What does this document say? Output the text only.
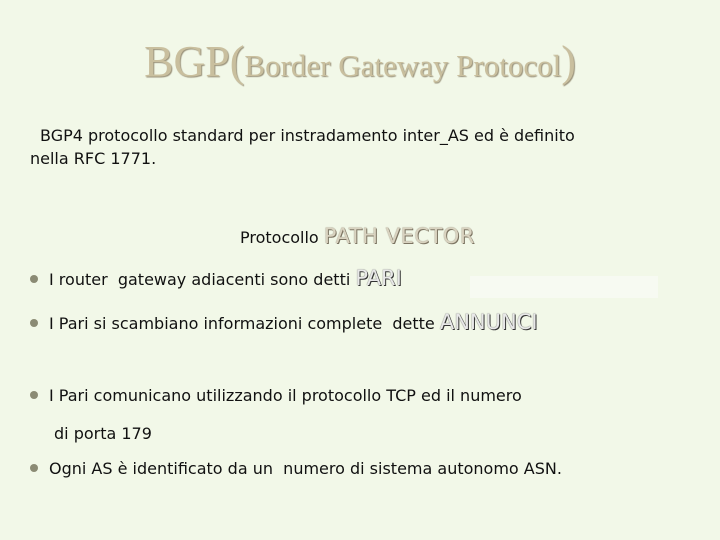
BGP(Border Gateway Protocol)
BGP4 protocollo standard per instradamento inter_AS ed è definito
nella RFC 1771.
Protocollo PATH VECTOR
I router  gateway adiacenti sono detti PARI
I Pari si scambiano informazioni complete  dette ANNUNCI
I Pari comunicano utilizzando il protocollo TCP ed il numero
di porta 179
Ogni AS è identificato da un  numero di sistema autonomo ASN.
